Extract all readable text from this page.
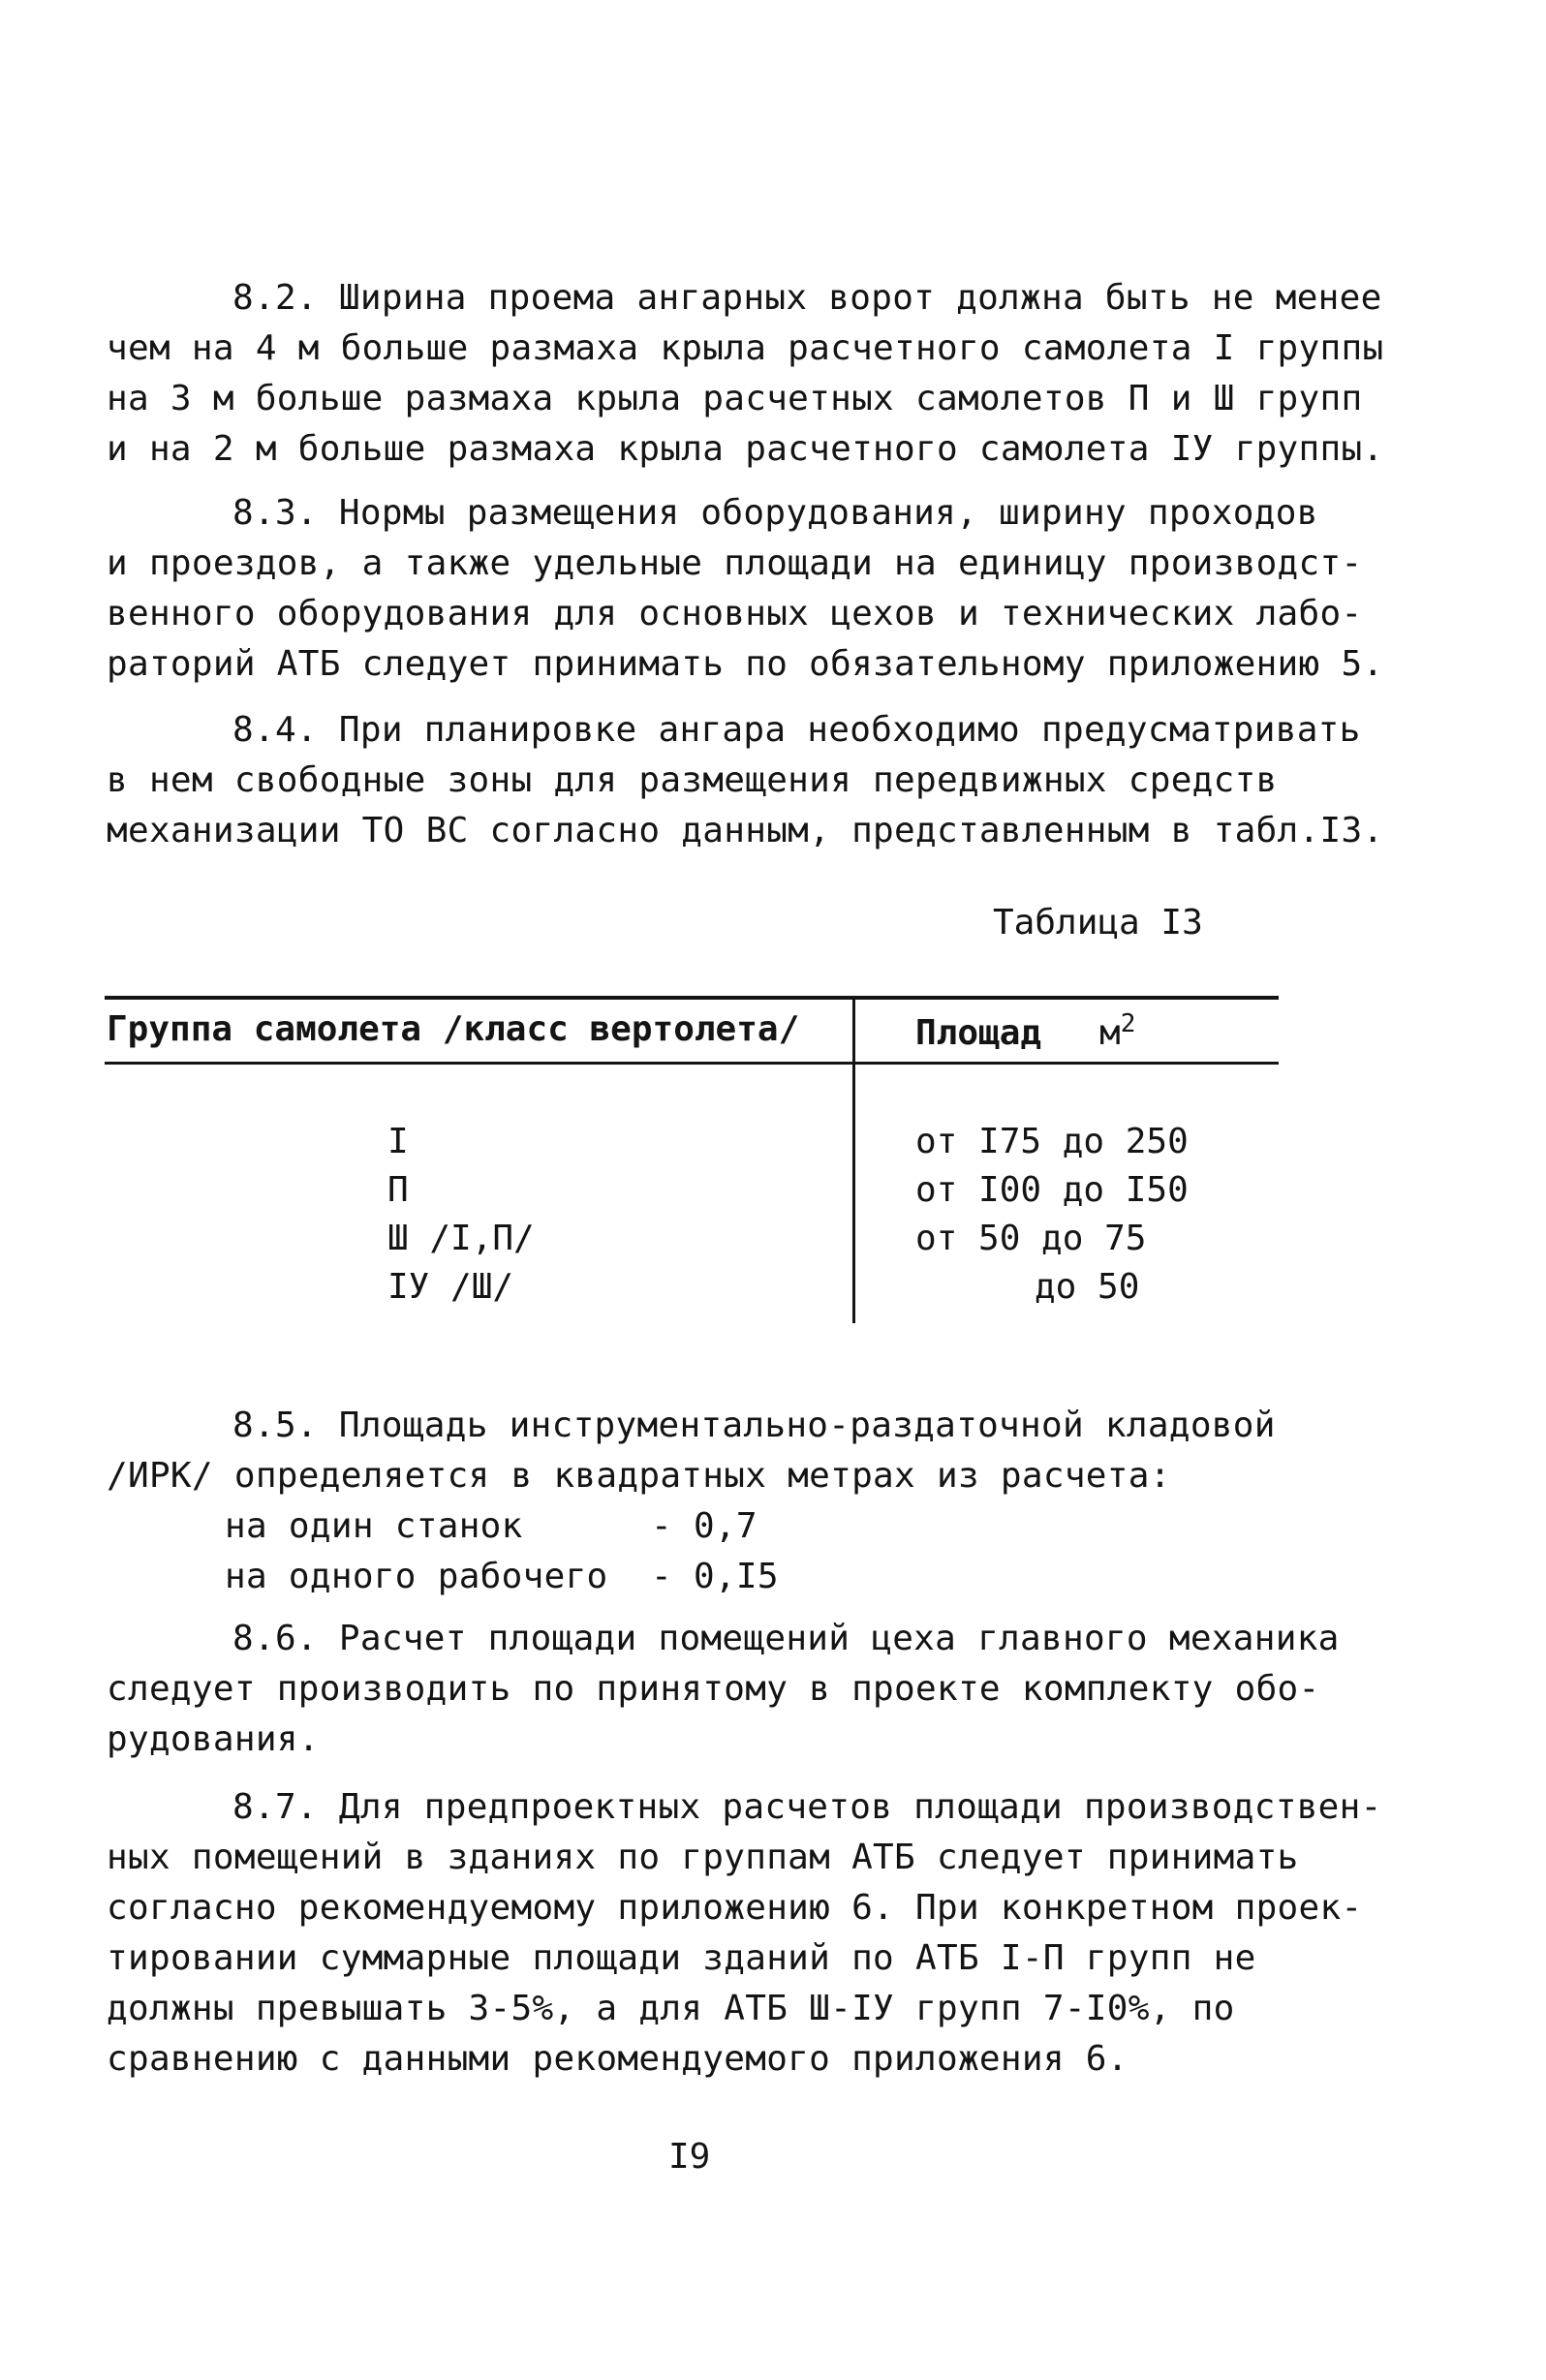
8.2. Ширина проема ангарных ворот должна быть не менее
чем на 4 м больше размаха крыла расчетного самолета I группы
на 3 м больше размаха крыла расчетных самолетов П и Ш групп
и на 2 м больше размаха крыла расчетного самолета IУ группы.
8.3. Нормы размещения оборудования, ширину проходов
и проездов, а также удельные площади на единицу производст-
венного оборудования для основных цехов и технических лабо-
раторий АТБ следует принимать по обязательному приложению 5.
8.4. При планировке ангара необходимо предусматривать
в нем свободные зоны для размещения передвижных средств
механизации ТО ВС согласно данным, представленным в табл.I3.
Таблица I3
Группа самолета /класс вертолета/	Площад $м^2$
I	от I75 до 250
П	от I00 до I50
Ш /I,П/	от 50 до 75
IУ /Ш/	до 50
8.5. Площадь инструментально-раздаточной кладовой
/ИРК/ определяется в квадратных метрах из расчета:
на один станок	- 0,7
на одного рабочего - 0,I5
8.6. Расчет площади помещений цеха главного механика
следует производить по принятому в проекте комплекту обо-
рудования.
8.7. Для предпроектных расчетов площади производствен-
ных помещений в зданиях по группам АТБ следует принимать
согласно рекомендуемому приложению 6. При конкретном проек-
тировании суммарные площади зданий по АТБ I-П групп не
должны превышать 3-5%, а для АТБ Ш-IУ групп 7-I0%, по
сравнению с данными рекомендуемого приложения 6.
I9
